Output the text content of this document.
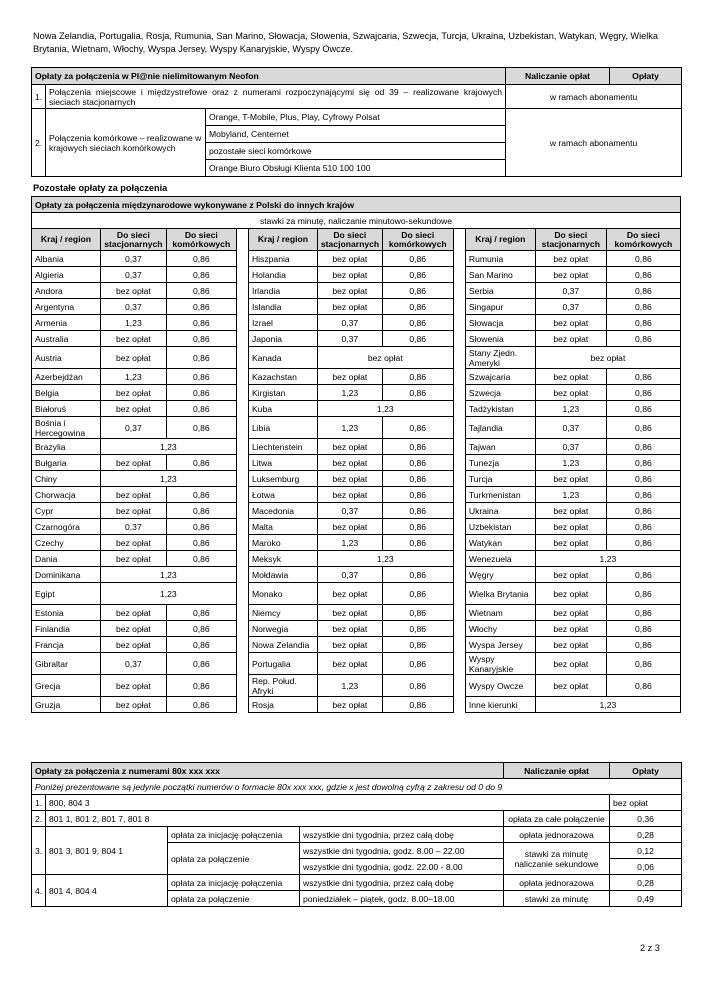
Nowa Zelandia, Portugalia, Rosja, Rumunia, San Marino, Słowacja, Słowenia, Szwajcaria, Szwecja, Turcja, Ukraina, Uzbekistan, Watykan, Węgry, Wielka Brytania, Wietnam, Włochy, Wyspa Jersey, Wyspy Kanaryjskie, Wyspy Owcze.
Opłaty za połączenia w Pl@nie nielimitowanym Neofon			Naliczanie opłat	Opłaty
1.	Połączenia miejscowe i międzystrefowe oraz z numerami rozpoczynającymi się od 39 – realizowane krajowych sieciach stacjonarnych		w ramach abonamentu	
2.	Połączenia komórkowe – realizowane w krajowych sieciach komórkowych	Orange, T-Mobile, Plus, Play, Cyfrowy Polsat	w ramach abonamentu	
		Mobyland, Centernet		
		pozostałe sieci komórkowe		
		Orange Biuro Obsługi Klienta 510 100 100		
Pozostałe opłaty za połączenia
Opłaty za połączenia międzynarodowe wykonywane z Polski do innych krajów										
stawki za minutę, naliczanie minutowo-sekundowe										
Kraj / region	Do sieci stacjonarnych	Do sieci komórkowych		Kraj / region	Do sieci stacjonarnych	Do sieci komórkowych		Kraj / region	Do sieci stacjonarnych	Do sieci komórkowych
Albania	0,37	0,86		Hiszpania	bez opłat	0,86		Rumunia	bez opłat	0,86
Algieria	0,37	0,86		Holandia	bez opłat	0,86		San Marino	bez opłat	0,86
Andora	bez opłat	0,86		Irlandia	bez opłat	0,86		Serbia	0,37	0,86
Argentyna	0,37	0,86		Islandia	bez opłat	0,86		Singapur	0,37	0,86
Armenia	1,23	0,86		Izrael	0,37	0,86		Słowacja	bez opłat	0,86
Australia	bez opłat	0,86		Japonia	0,37	0,86		Słowenia	bez opłat	0,86
Austria	bez opłat	0,86		Kanada	bez opłat			Stany Zjedn. Ameryki	bez opłat	
Azerbejdżan	1,23	0,86		Kazachstan	bez opłat	0,86		Szwajcaria	bez opłat	0,86
Belgia	bez opłat	0,86		Kirgistan	1,23	0,86		Szwecja	bez opłat	0,86
Białoruś	bez opłat	0,86		Kuba	1,23			Tadżykistan	1,23	0,86
Bośnia i Hercegowina	0,37	0,86		Libia	1,23	0,86		Tajlandia	0,37	0,86
Brazylia	1,23			Liechtenstein	bez opłat	0,86		Tajwan	0,37	0,86
Bułgaria	bez opłat	0,86		Litwa	bez opłat	0,86		Tunezja	1,23	0,86
Chiny	1,23			Luksemburg	bez opłat	0,86		Turcja	bez opłat	0,86
Chorwacja	bez opłat	0,86		Łotwa	bez opłat	0,86		Turkmenistan	1,23	0,86
Cypr	bez opłat	0,86		Macedonia	0,37	0,86		Ukraina	bez opłat	0,86
Czarnogóra	0,37	0,86		Malta	bez opłat	0,86		Uzbekistan	bez opłat	0,86
Czechy	bez opłat	0,86		Maroko	1,23	0,86		Watykan	bez opłat	0,86
Dania	bez opłat	0,86		Meksyk	1,23			Wenezuela	1,23	
Dominikana	1,23			Mołdawia	0,37	0,86		Węgry	bez opłat	0,86
Egipt	1,23			Monako	bez opłat	0,86		Wielka Brytania	bez opłat	0,86
Estonia	bez opłat	0,86		Niemcy	bez opłat	0,86		Wietnam	bez opłat	0,86
Finlandia	bez opłat	0,86		Norwegia	bez opłat	0,86		Włochy	bez opłat	0,86
Francja	bez opłat	0,86		Nowa Zelandia	bez opłat	0,86		Wyspa Jersey	bez opłat	0,86
Gibraltar	0,37	0,86		Portugalia	bez opłat	0,86		Wyspy Kanaryjskie	bez opłat	0,86
Grecja	bez opłat	0,86		Rep. Połud. Afryki	1,23	0,86		Wyspy Owcze	bez opłat	0,86
Gruzja	bez opłat	0,86		Rosja	bez opłat	0,86		Inne kierunki	1,23	
Opłaty za połączenia z numerami 80x xxx xxx				Naliczanie opłat	Opłaty
Poniżej prezentowane są jedynie początki numerów o formacie 80x xxx xxx, gdzie x jest dowolną cyfrą z zakresu od 0 do 9					
1.	800, 804 3				bez opłat
2.	801 1, 801 2, 801 7, 801 8			opłata za całe połączenie	0,36
3.	801 3, 801 9, 804 1	opłata za inicjację połączenia	wszystkie dni tygodnia, przez całą dobę	opłata jednorazowa	0,28
		opłata za połączenie	wszystkie dni tygodnia, godz. 8.00 – 22.00	stawki za minutę naliczanie sekundowe	0,12
			wszystkie dni tygodnia, godz. 22.00 - 8.00		0,06
4.	801 4, 804 4	opłata za inicjację połączenia	wszystkie dni tygodnia, przez całą dobę	opłata jednorazowa	0,28
		opłata za połączenie	poniedziałek – piątek, godz. 8.00–18.00	stawki za minutę	0,49
2 z 3
